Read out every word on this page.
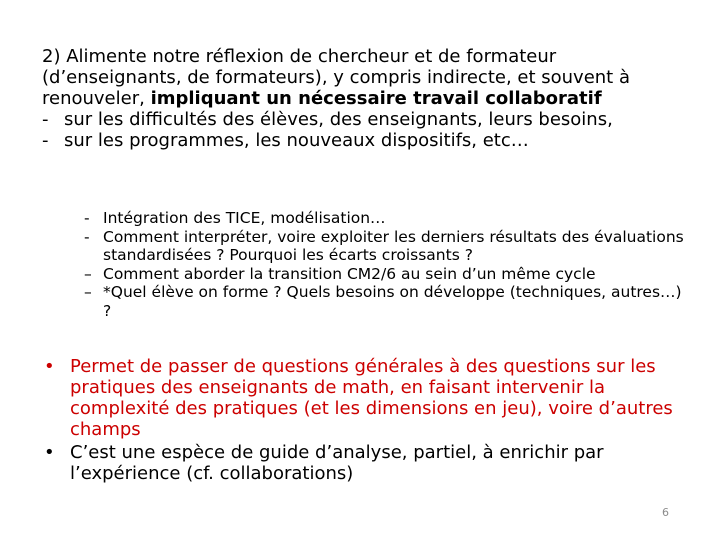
2) Alimente notre réflexion de chercheur et de formateur (d’enseignants, de formateurs), y compris indirecte, et souvent à renouveler, impliquant un nécessaire travail collaboratif

- sur les difficultés des élèves, des enseignants, leurs besoins,
- sur les programmes, les nouveaux dispositifs, etc…
- Intégration des TICE, modélisation…
- Comment interpréter, voire exploiter les derniers résultats des évaluations standardisées ? Pourquoi les écarts croissants ?
– Comment aborder la transition CM2/6 au sein d’un même cycle
– *Quel élève on forme ? Quels besoins on développe (techniques, autres…) ?
• Permet de passer de questions générales à des questions sur les pratiques des enseignants de math, en faisant intervenir la complexité des pratiques (et les dimensions en jeu), voire d’autres champs
• C’est une espèce de guide d’analyse, partiel, à enrichir par l’expérience (cf. collaborations)
6
